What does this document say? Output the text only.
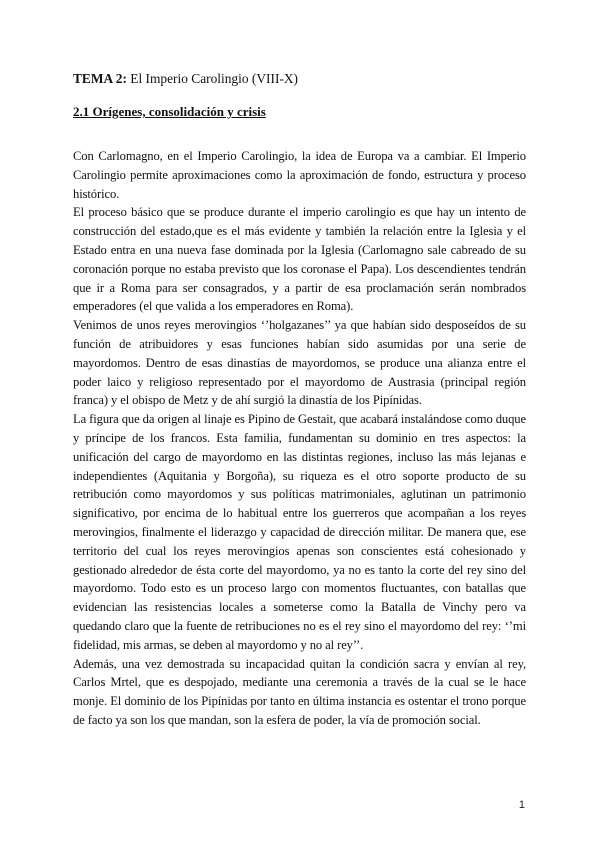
TEMA 2: El Imperio Carolingio (VIII-X)
2.1 Orígenes, consolidación y crisis

Con Carlomagno, en el Imperio Carolingio, la idea de Europa va a cambiar. El Imperio Carolingio permite aproximaciones como la aproximación de fondo, estructura y proceso histórico.

El proceso básico que se produce durante el imperio carolingio es que hay un intento de construcción del estado,que es el más evidente y también la relación entre la Iglesia y el Estado entra en una nueva fase dominada por la Iglesia (Carlomagno sale cabreado de su coronación porque no estaba previsto que los coronase el Papa). Los descendientes tendrán que ir a Roma para ser consagrados, y a partir de esa proclamación serán nombrados emperadores (el que valida a los emperadores en Roma).

Venimos de unos reyes merovingios ‘’holgazanes’’ ya que habían sido desposeídos de su función de atribuidores y esas funciones habían sido asumidas por una serie de mayordomos. Dentro de esas dinastías de mayordomos, se produce una alianza entre el poder laico y religioso representado por el mayordomo de Austrasia (principal región franca) y el obispo de Metz y de ahí surgió la dinastía de los Pipínidas.

La figura que da origen al linaje es Pipino de Gestait, que acabará instalándose como duque y príncipe de los francos. Esta familia, fundamentan su dominio en tres aspectos: la unificación del cargo de mayordomo en las distintas regiones, incluso las más lejanas e independientes (Aquitania y Borgoña), su riqueza es el otro soporte producto de su retribución como mayordomos y sus políticas matrimoniales, aglutinan un patrimonio significativo, por encima de lo habitual entre los guerreros que acompañan a los reyes merovingios, finalmente el liderazgo y capacidad de dirección militar. De manera que, ese territorio del cual los reyes merovingios apenas son conscientes está cohesionado y gestionado alrededor de ésta corte del mayordomo, ya no es tanto la corte del rey sino del mayordomo. Todo esto es un proceso largo con momentos fluctuantes, con batallas que evidencian las resistencias locales a someterse como la Batalla de Vinchy pero va quedando claro que la fuente de retribuciones no es el rey sino el mayordomo del rey: ‘’mi fidelidad, mis armas, se deben al mayordomo y no al rey’’.

Además, una vez demostrada su incapacidad quitan la condición sacra y envían al rey, Carlos Mrtel, que es despojado, mediante una ceremonia a través de la cual se le hace monje. El dominio de los Pipínidas por tanto en última instancia es ostentar el trono porque de facto ya son los que mandan, son la esfera de poder, la vía de promoción social.

1
